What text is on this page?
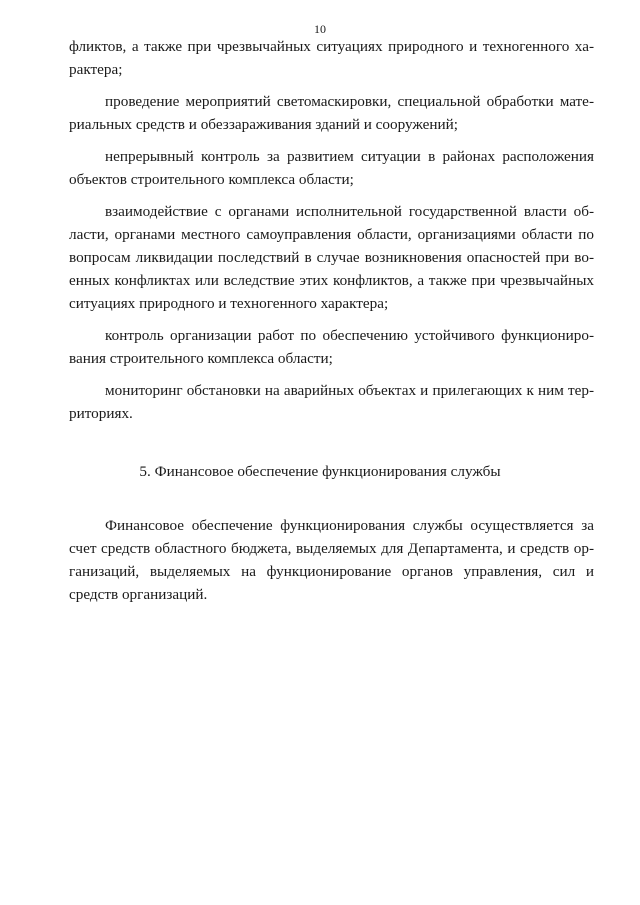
10

фликтов, а также при чрезвычайных ситуациях природного и техногенного характера;

проведение мероприятий светомаскировки, специальной обработки материальных средств и обеззараживания зданий и сооружений;

непрерывный контроль за развитием ситуации в районах расположения объектов строительного комплекса области;

взаимодействие с органами исполнительной государственной власти области, органами местного самоуправления области, организациями области по вопросам ликвидации последствий в случае возникновения опасностей при военных конфликтах или вследствие этих конфликтов, а также при чрезвычайных ситуациях природного и техногенного характера;

контроль организации работ по обеспечению устойчивого функционирования строительного комплекса области;

мониторинг обстановки на аварийных объектах и прилегающих к ним территориях.

5. Финансовое обеспечение функционирования службы

Финансовое обеспечение функционирования службы осуществляется за счет средств областного бюджета, выделяемых для Департамента, и средств организаций, выделяемых на функционирование органов управления, сил и средств организаций.
